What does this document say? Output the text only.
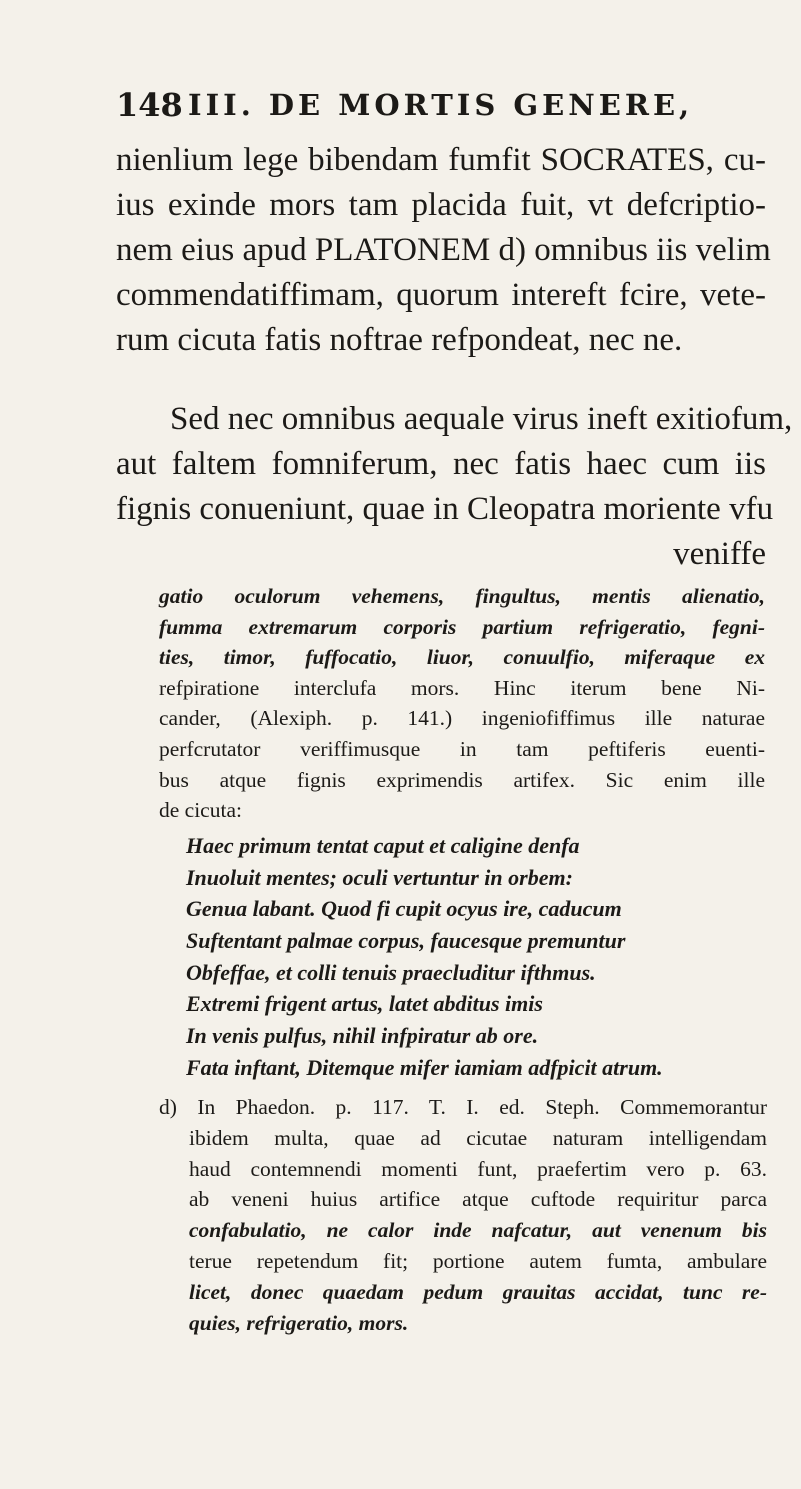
148 III. DE MORTIS GENERE,
nienlium lege bibendam fumfit SOCRATES, cu-
ius exinde mors tam placida fuit, vt defcriptio-
nem eius apud PLATONEM d) omnibus iis velim
commendatiffimam, quorum intereft fcire, vete-
rum cicuta fatis noftrae refpondeat, nec ne.
Sed nec omnibus aequale virus ineft exitiofum,
aut faltem fomniferum, nec fatis haec cum iis
fignis conueniunt, quae in Cleopatra moriente vfu
veniffe
gatio oculorum vehemens, fingultus, mentis alienatio,
fumma extremarum corporis partium refrigeratio, fegni-
ties, timor, fuffocatio, liuor, conuulfio, miferaque ex
refpiratione interclufa mors. Hinc iterum bene Ni-
cander, (Alexiph. p. 141.) ingeniofiffimus ille naturae
perfcrutator veriffimusque in tam peftiferis euenti-
bus atque fignis exprimendis artifex. Sic enim ille
de cicuta:
Haec primum tentat caput et caligine denfa
Inuoluit mentes; oculi vertuntur in orbem:
Genua labant. Quod fi cupit ocyus ire, caducum
Suftentant palmae corpus, faucesque premuntur
Obfeffae, et colli tenuis praecluditur ifthmus.
Extremi frigent artus, latet abditus imis
In venis pulfus, nihil infpiratur ab ore.
Fata inftant, Ditemque mifer iamiam adfpicit atrum.
d) In Phaedon. p. 117. T. I. ed. Steph. Commemorantur
ibidem multa, quae ad cicutae naturam intelligendam
haud contemnendi momenti funt, praefertim vero p. 63.
ab veneni huius artifice atque cuftode requiritur parca
confabulatio, ne calor inde nafcatur, aut venenum bis
terue repetendum fit; portione autem fumta, ambulare
licet, donec quaedam pedum grauitas accidat, tunc re-
quies, refrigeratio, mors.
